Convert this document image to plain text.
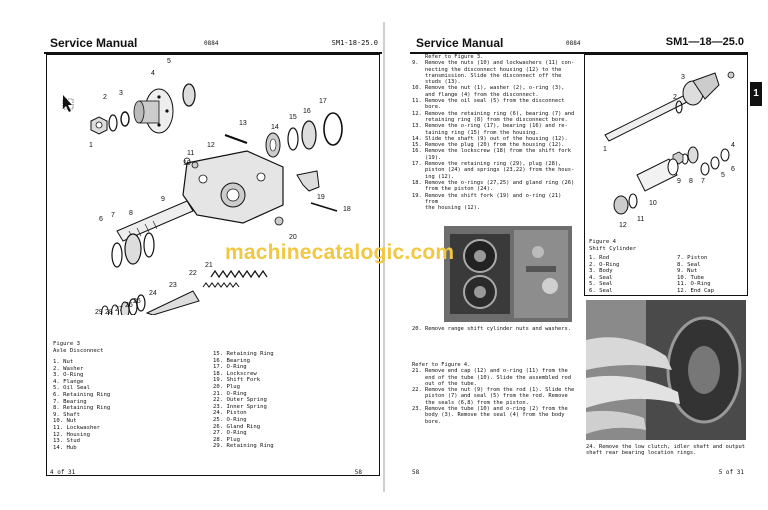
Service Manual	0884	SM1-18-25.0
1
2
3
4
5
6
7 8
9
10
11
12
13
14
15
16
17
18
19
20
21
22
23
24
25
26
27
28
29
Figure 3
Axle Disconnect
1. Nut
2. Washer
3. O-Ring
4. Flange
5. Oil Seal
6. Retaining Ring
7. Bearing
8. Retaining Ring
9. Shaft
10. Nut
11. Lockwasher
12. Housing
13. Stud
14. Hub
15. Retaining Ring
16. Bearing
17. O-Ring
18. Lockscrew
19. Shift Fork
20. Plug
21. O-Ring
22. Outer Spring
23. Inner Spring
24. Piston
25. O-Ring
26. Gland Ring
27. O-Ring
28. Plug
29. Retaining Ring
4 of 31	58
Service Manual	0884	SM1—18—25.0
1
Refer to Figure 3.
9.	Remove the nuts (10) and lockwashers (11) con-
necting the disconnect housing (12) to the
transmission. Slide the disconnect off the
studs (13).
10. Remove the nut (1), washer (2), o-ring (3),
and flange (4) from the disconnect.
11. Remove the oil seal (5) from the disconnect
bore.
12. Remove the retaining ring (6), bearing (7) and
retaining ring (8) from the disconnect bore.
13. Remove the o-ring (17), bearing (16) and re-
taining ring (15) from the housing.
14. Slide the shaft (9) out of the housing (12).
15. Remove the plug (20) from the housing (12).
16. Remove the lockscrew (18) from the shift fork
(19).
17. Remove the retaining ring (29), plug (28),
piston (24) and springs (23,22) from the hous-
ing (12).
18. Remove the o-rings (27,25) and gland ring (26)
from the piston (24).
19. Remove the shift fork (19) and o-ring (21) from
the housing (12).
1
2
3
4
5
6
7
8
9
10
11
12
Figure 4
Shift Cylinder
1. Rod
2. O-Ring
3. Body
4. Seal
5. Seal
6. Seal
7. Piston
8. Seal
9. Nut
10. Tube
11. O-Ring
12. End Cap
20. Remove range shift cylinder nuts and washers.
Refer to Figure 4.
21. Remove end cap (12) and o-ring (11) from the
end of the tube (10). Slide the assembled rod
out of the tube.
22. Remove the nut (9) from the rod (1). Slide the
piston (7) and seal (5) from the rod. Remove
the seals (6,8) from the piston.
23. Remove the tube (10) and o-ring (2) from the
body (3). Remove the seal (4) from the body
bore.
24. Remove the low clutch, idler shaft and output
shaft rear bearing location rings.
58	5 of 31
machinecatalogic.com
